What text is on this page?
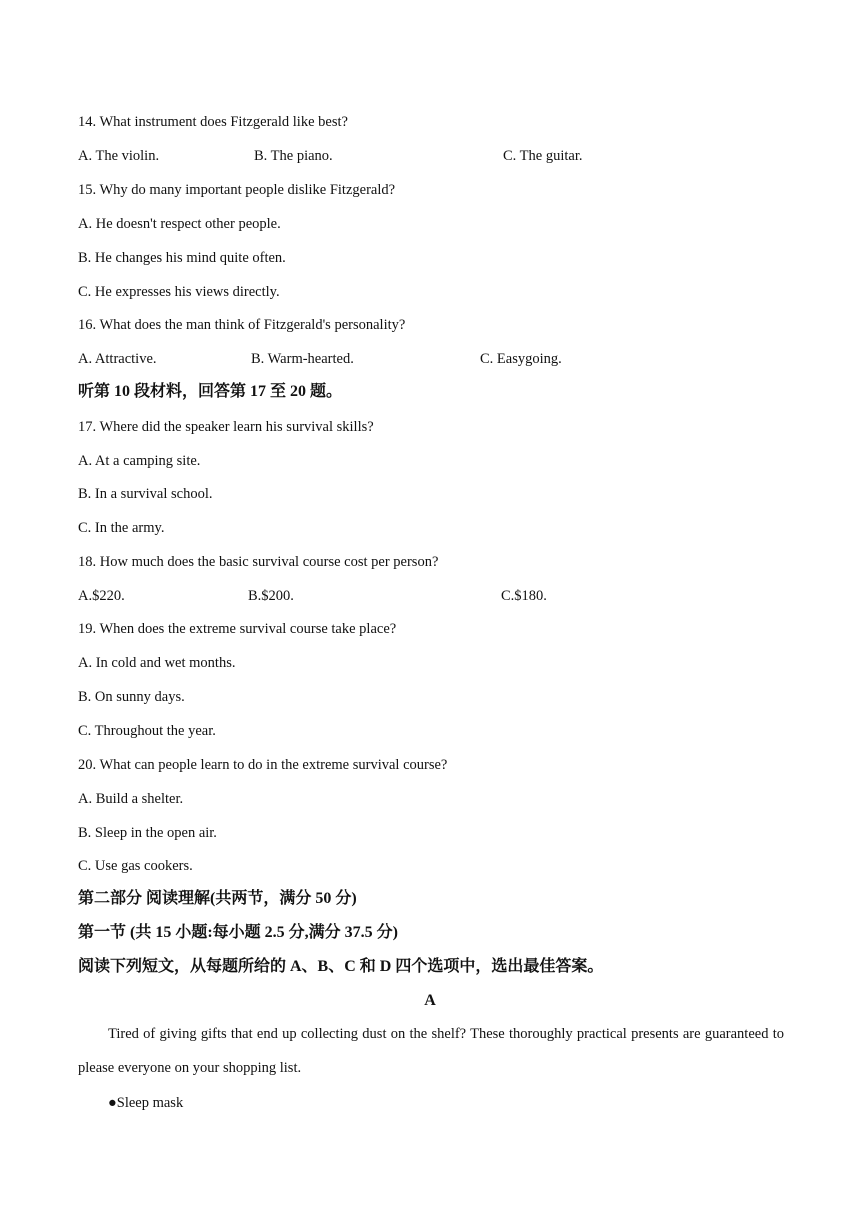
14. What instrument does Fitzgerald like best?
A. The violin.	B. The piano.	C. The guitar.
15. Why do many important people dislike Fitzgerald?
A. He doesn't respect other people.
B. He changes his mind quite often.
C. He expresses his views directly.
16. What does the man think of Fitzgerald's personality?
A. Attractive.	B. Warm-hearted.	C. Easygoing.
听第 10 段材料，回答第 17 至 20 题。
17. Where did the speaker learn his survival skills?
A. At a camping site.
B. In a survival school.
C. In the army.
18. How much does the basic survival course cost per person?
A.$220.	B.$200.	C.$180.
19. When does the extreme survival course take place?
A. In cold and wet months.
B. On sunny days.
C. Throughout the year.
20. What can people learn to do in the extreme survival course?
A. Build a shelter.
B. Sleep in the open air.
C. Use gas cookers.
第二部分 阅读理解(共两节，满分 50 分)
第一节 (共 15 小题:每小题 2.5 分,满分 37.5 分)
阅读下列短文，从每题所给的 A、B、C 和 D 四个选项中，选出最佳答案。
A
Tired of giving gifts that end up collecting dust on the shelf? These thoroughly practical presents are guaranteed to please everyone on your shopping list.
●Sleep mask
